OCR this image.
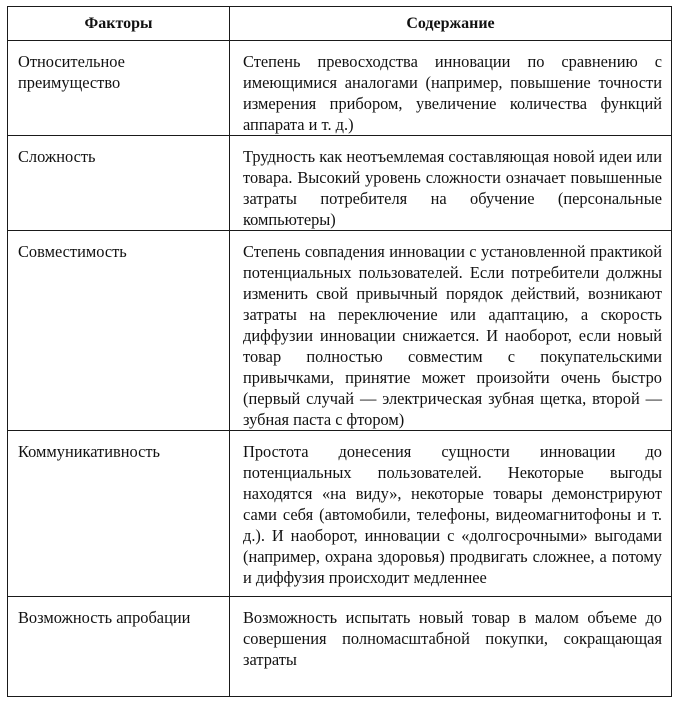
Факторы	Содержание
Относительное преимущество	Степень превосходства инновации по сравнению с имеющимися аналогами (например, повышение точности измерения прибором, увеличение количества функций аппарата и т. д.)
Сложность	Трудность как неотъемлемая составляющая новой идеи или товара. Высокий уровень сложности означает повышенные затраты потребителя на обучение (персональные компьютеры)
Совместимость	Степень совпадения инновации с установленной практикой потенциальных пользователей. Если потребители должны изменить свой привычный порядок действий, возникают затраты на переключение или адаптацию, а скорость диффузии инновации снижается. И наоборот, если новый товар полностью совместим с покупательскими привычками, принятие может произойти очень быстро (первый случай — электрическая зубная щетка, второй — зубная паста с фтором)
Коммуникативность	Простота донесения сущности инновации до потенциальных пользователей. Некоторые выгоды находятся «на виду», некоторые товары демонстрируют сами себя (автомобили, телефоны, видеомагнитофоны и т. д.). И наоборот, инновации с «долгосрочными» выгодами (например, охрана здоровья) продвигать сложнее, а потому и диффузия происходит медленнее
Возможность апробации	Возможность испытать новый товар в малом объеме до совершения полномасштабной покупки, сокращающая затраты
